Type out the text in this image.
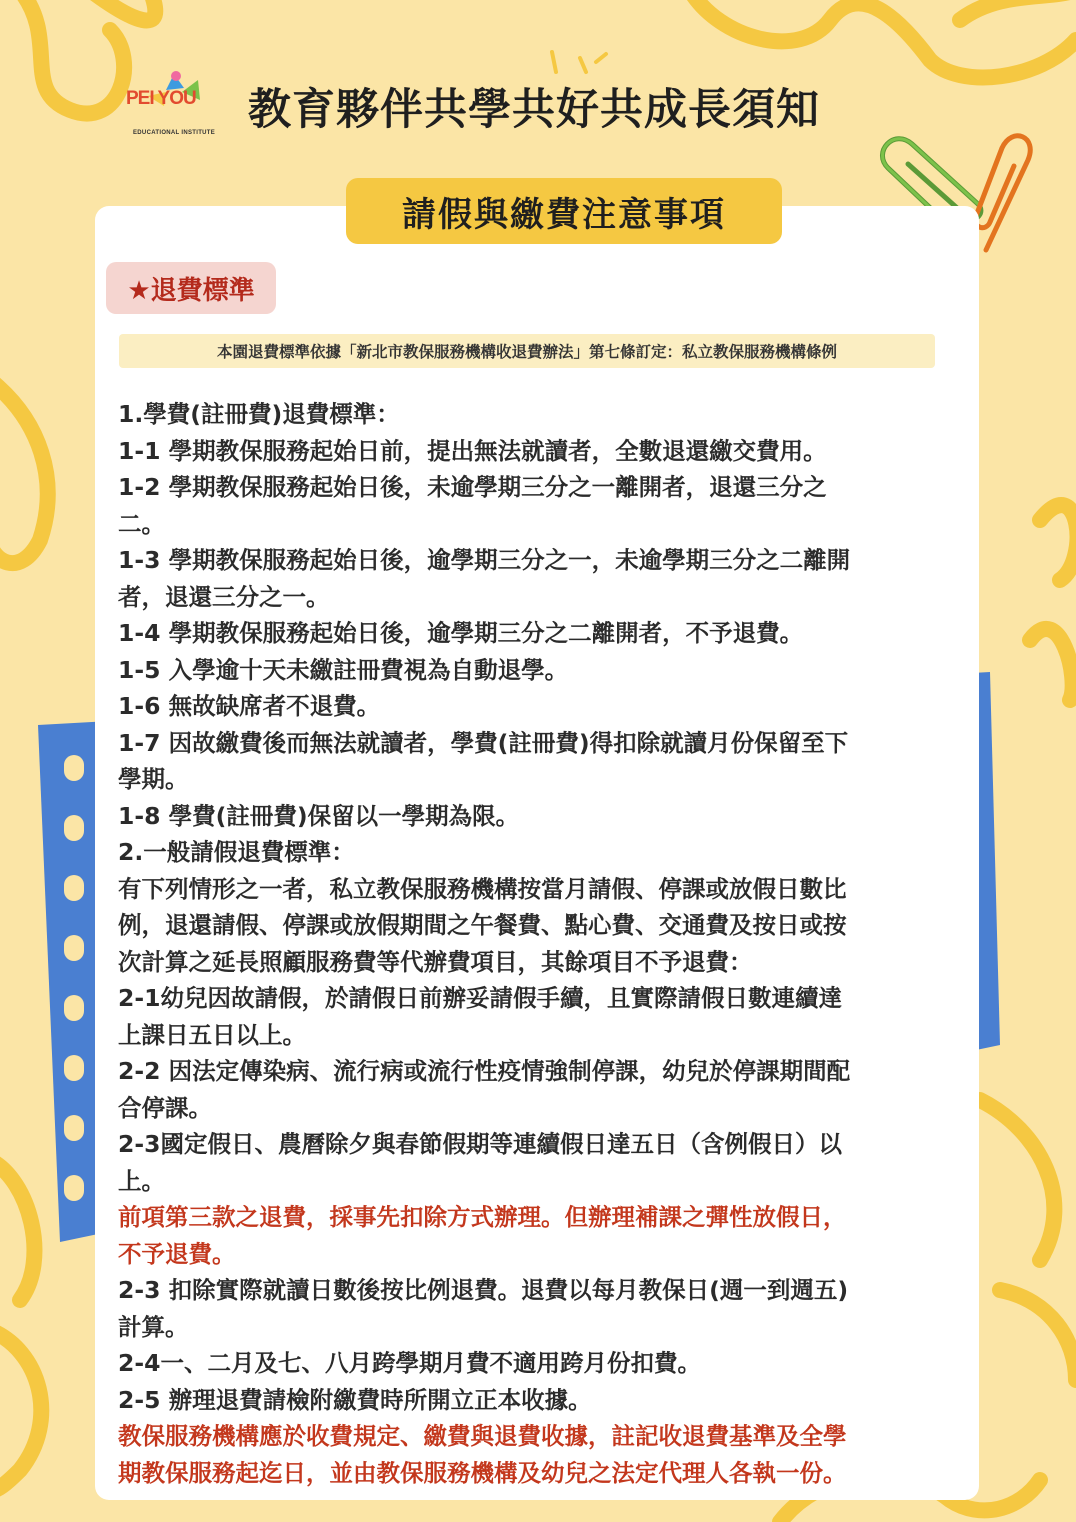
PEI YOU
EDUCATIONAL INSTITUTE 教育夥伴共學共好共成長須知
請假與繳費注意事項
★退費標準
本園退費標準依據「新北市教保服務機構收退費辦法」第七條訂定：私立教保服務機構條例
1.學費(註冊費)退費標準：
1-1 學期教保服務起始日前，提出無法就讀者，全數退還繳交費用。
1-2 學期教保服務起始日後，未逾學期三分之一離開者，退還三分之
二。
1-3 學期教保服務起始日後，逾學期三分之一，未逾學期三分之二離開
者，退還三分之一。
1-4 學期教保服務起始日後，逾學期三分之二離開者，不予退費。
1-5 入學逾十天未繳註冊費視為自動退學。
1-6 無故缺席者不退費。
1-7 因故繳費後而無法就讀者，學費(註冊費)得扣除就讀月份保留至下
學期。
1-8 學費(註冊費)保留以一學期為限。
2.一般請假退費標準：
有下列情形之一者，私立教保服務機構按當月請假、停課或放假日數比
例，退還請假、停課或放假期間之午餐費、點心費、交通費及按日或按
次計算之延長照顧服務費等代辦費項目，其餘項目不予退費：
2-1幼兒因故請假，於請假日前辦妥請假手續，且實際請假日數連續達
上課日五日以上。
2-2 因法定傳染病、流行病或流行性疫情強制停課，幼兒於停課期間配
合停課。
2-3國定假日、農曆除夕與春節假期等連續假日達五日（含例假日）以
上。
前項第三款之退費，採事先扣除方式辦理。但辦理補課之彈性放假日，
不予退費。
2-3 扣除實際就讀日數後按比例退費。退費以每月教保日(週一到週五)
計算。
2-4一、二月及七、八月跨學期月費不適用跨月份扣費。
2-5 辦理退費請檢附繳費時所開立正本收據。
教保服務機構應於收費規定、繳費與退費收據，註記收退費基準及全學
期教保服務起迄日，並由教保服務機構及幼兒之法定代理人各執一份。
